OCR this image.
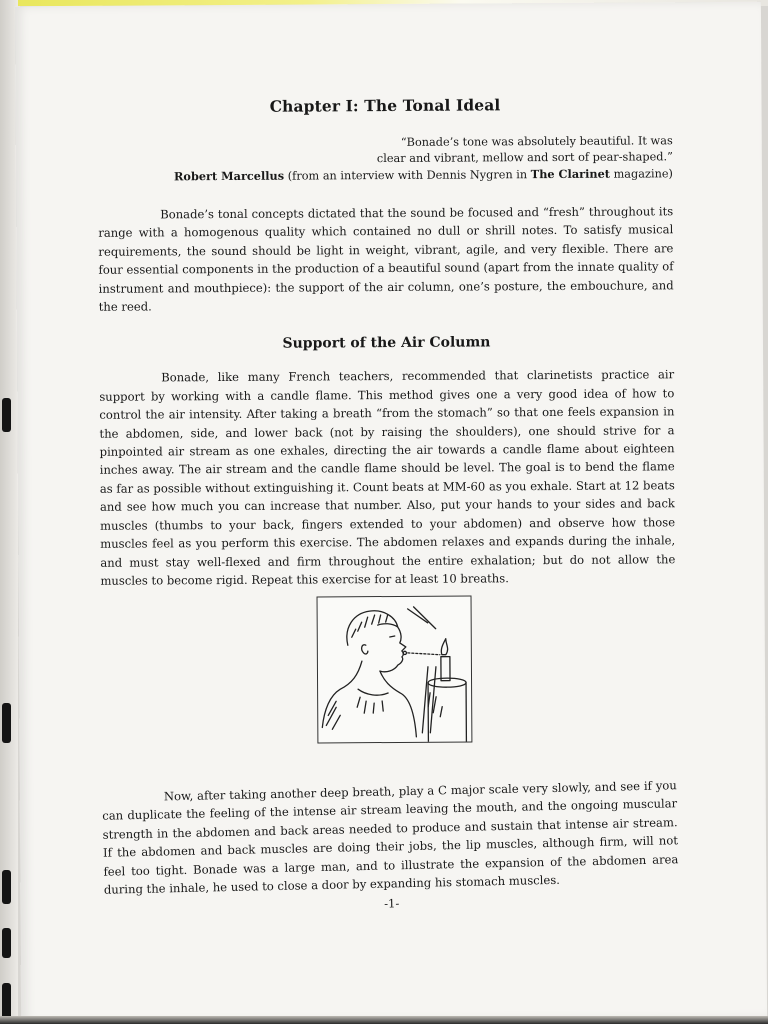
Chapter I: The Tonal Ideal
“Bonade’s tone was absolutely beautiful. It was
clear and vibrant, mellow and sort of pear-shaped.”
Robert Marcellus (from an interview with Dennis Nygren in The Clarinet magazine)

Bonade’s tonal concepts dictated that the sound be focused and “fresh” throughout its range with a homogenous quality which contained no dull or shrill notes. To satisfy musical requirements, the sound should be light in weight, vibrant, agile, and very flexible. There are four essential components in the production of a beautiful sound (apart from the innate quality of instrument and mouthpiece): the support of the air column, one’s posture, the embouchure, and the reed.

Support of the Air Column

Bonade, like many French teachers, recommended that clarinetists practice air support by working with a candle flame. This method gives one a very good idea of how to control the air intensity. After taking a breath “from the stomach” so that one feels expansion in the abdomen, side, and lower back (not by raising the shoulders), one should strive for a pinpointed air stream as one exhales, directing the air towards a candle flame about eighteen inches away. The air stream and the candle flame should be level. The goal is to bend the flame as far as possible without extinguishing it. Count beats at MM-60 as you exhale. Start at 12 beats and see how much you can increase that number. Also, put your hands to your sides and back muscles (thumbs to your back, fingers extended to your abdomen) and observe how those muscles feel as you perform this exercise. The abdomen relaxes and expands during the inhale, and must stay well-flexed and firm throughout the entire exhalation; but do not allow the muscles to become rigid. Repeat this exercise for at least 10 breaths.

Now, after taking another deep breath, play a C major scale very slowly, and see if you can duplicate the feeling of the intense air stream leaving the mouth, and the ongoing muscular strength in the abdomen and back areas needed to produce and sustain that intense air stream. If the abdomen and back muscles are doing their jobs, the lip muscles, although firm, will not feel too tight. Bonade was a large man, and to illustrate the expansion of the abdomen area during the inhale, he used to close a door by expanding his stomach muscles.

-1-
